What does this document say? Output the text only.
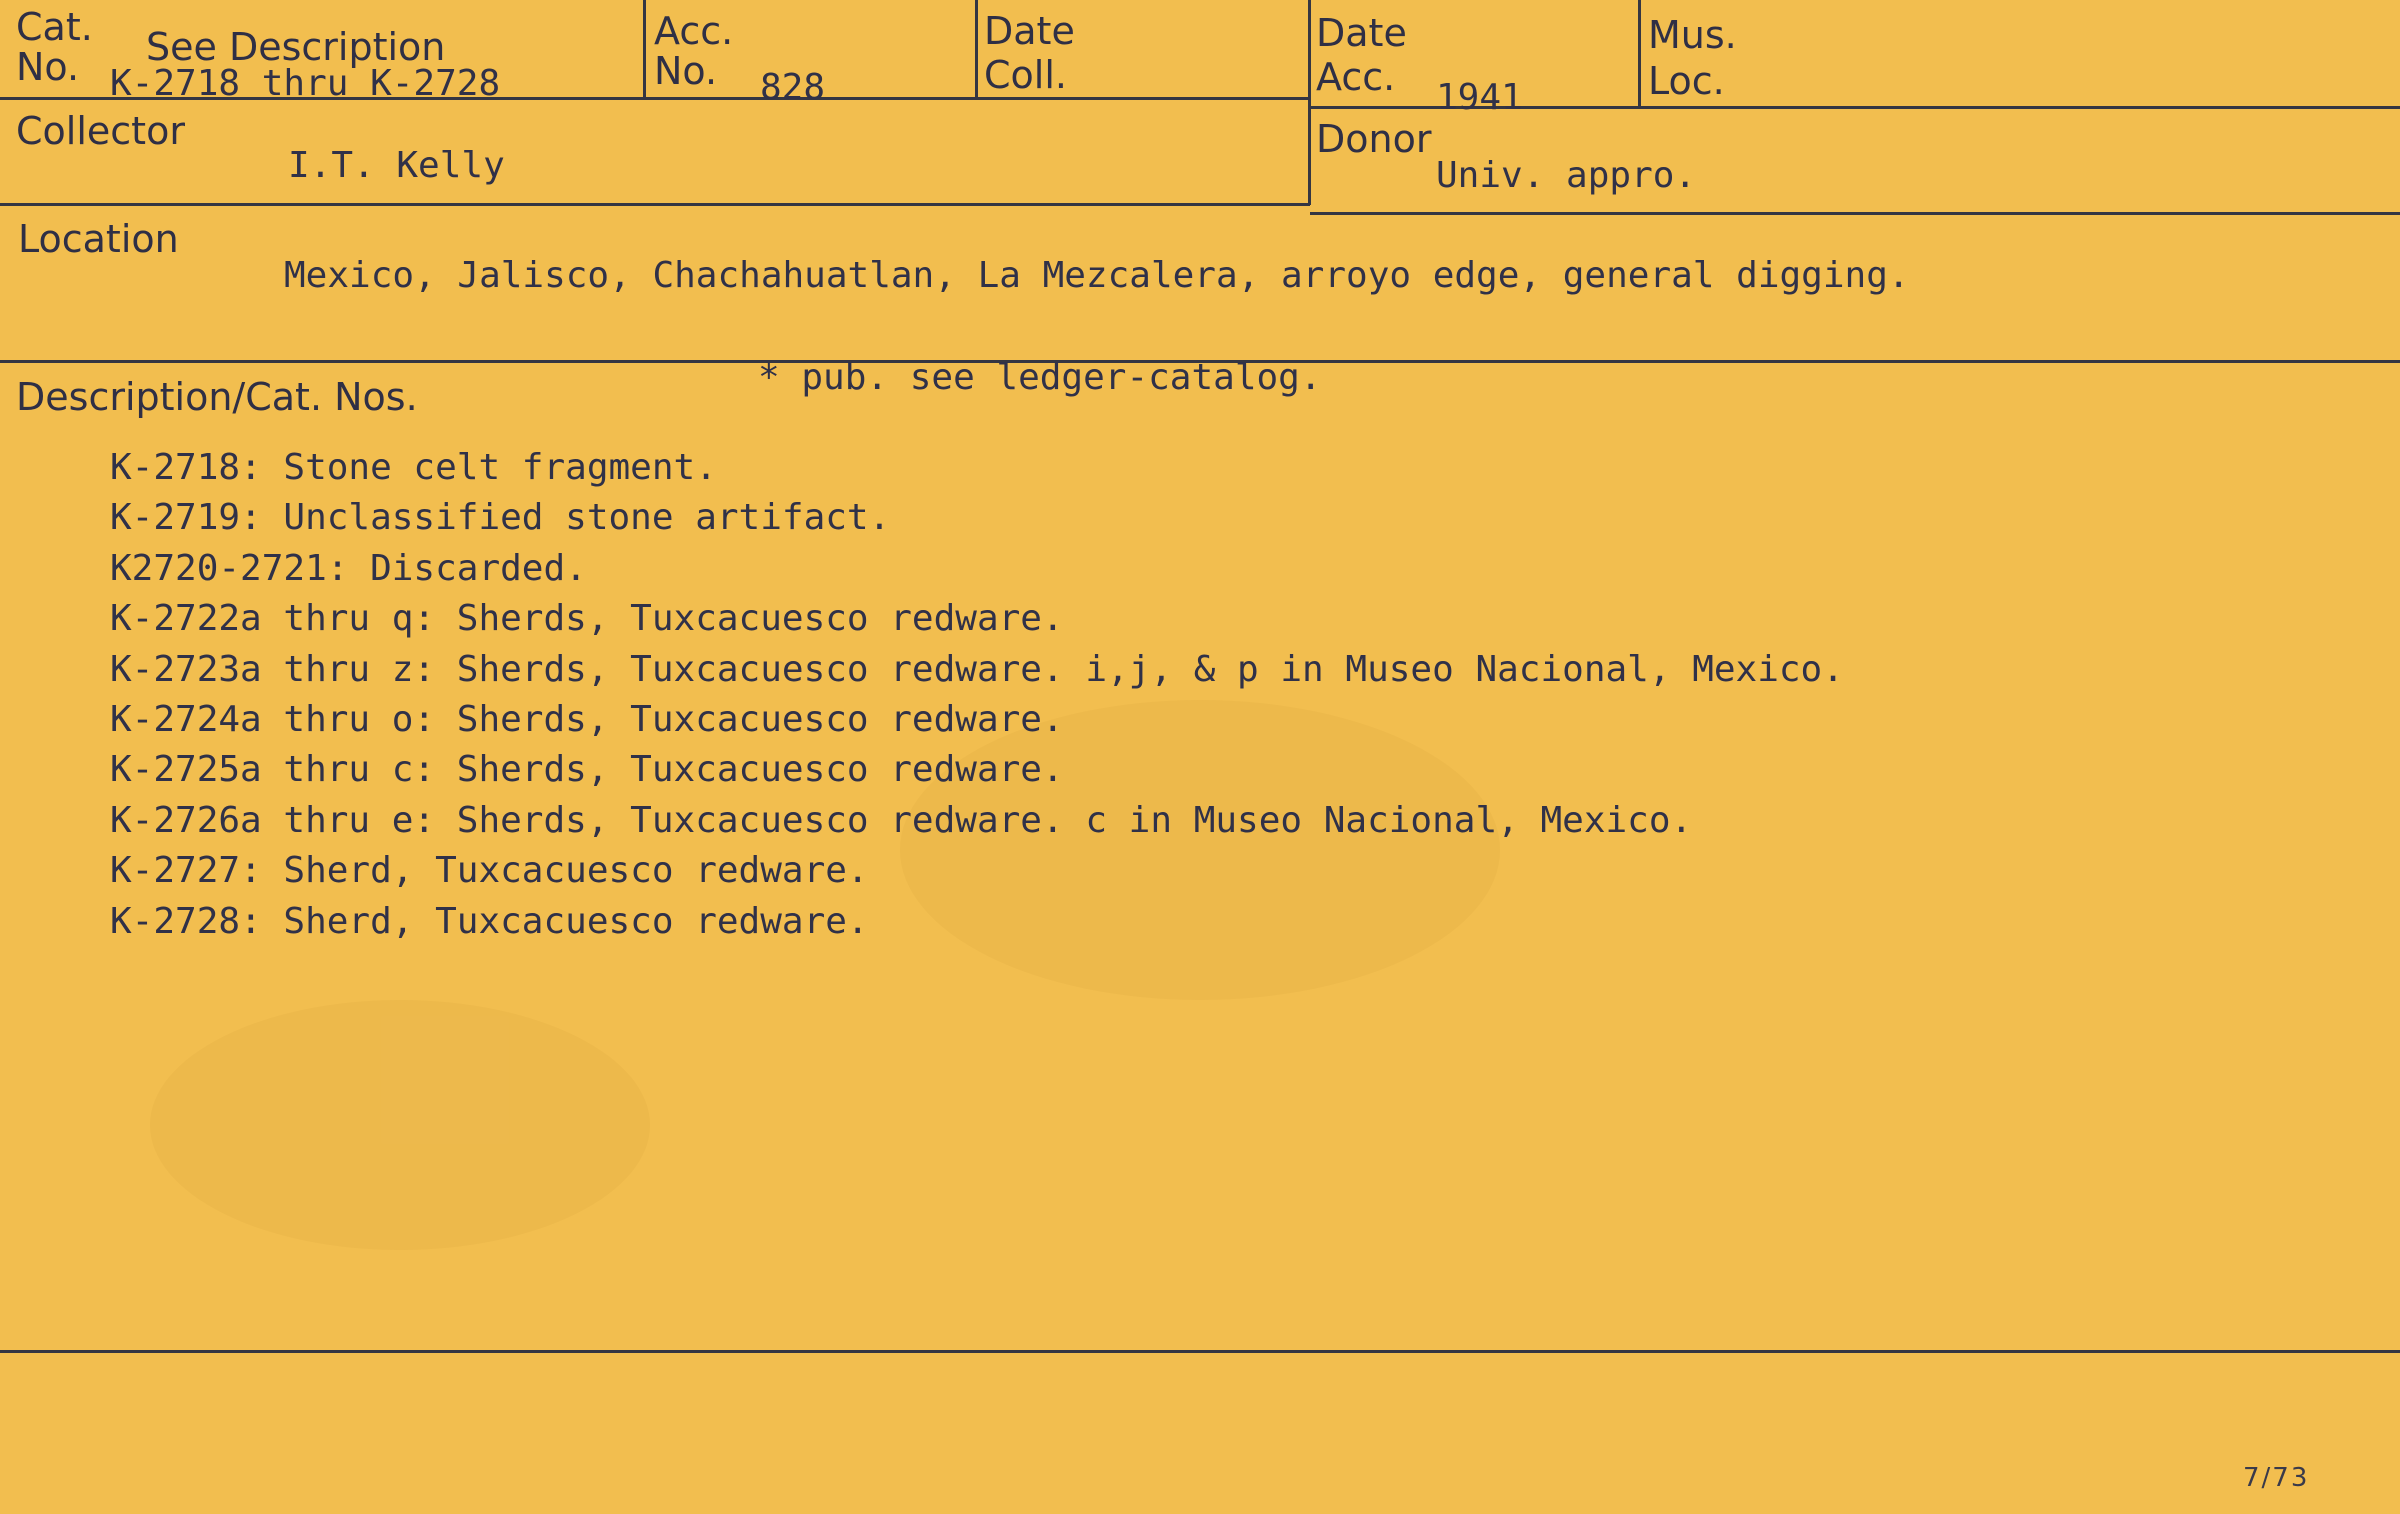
Cat.
No. See Description
K-2718 thru K-2728
Acc.
No. 828
Date
Coll.
Date
Acc. 1941
Mus.
Loc.
Collector
I.T. Kelly
Donor
Univ. appro.
Location
Mexico, Jalisco, Chachahuatlan, La Mezcalera, arroyo edge, general digging.
Description/Cat. Nos.	* pub. see ledger-catalog.
K-2718: Stone celt fragment.
K-2719: Unclassified stone artifact.
K2720-2721: Discarded.
K-2722a thru q: Sherds, Tuxcacuesco redware.
K-2723a thru z: Sherds, Tuxcacuesco redware. i,j, & p in Museo Nacional, Mexico.
K-2724a thru o: Sherds, Tuxcacuesco redware.
K-2725a thru c: Sherds, Tuxcacuesco redware.
K-2726a thru e: Sherds, Tuxcacuesco redware. c in Museo Nacional, Mexico.
K-2727: Sherd, Tuxcacuesco redware.
K-2728: Sherd, Tuxcacuesco redware.
7/73
